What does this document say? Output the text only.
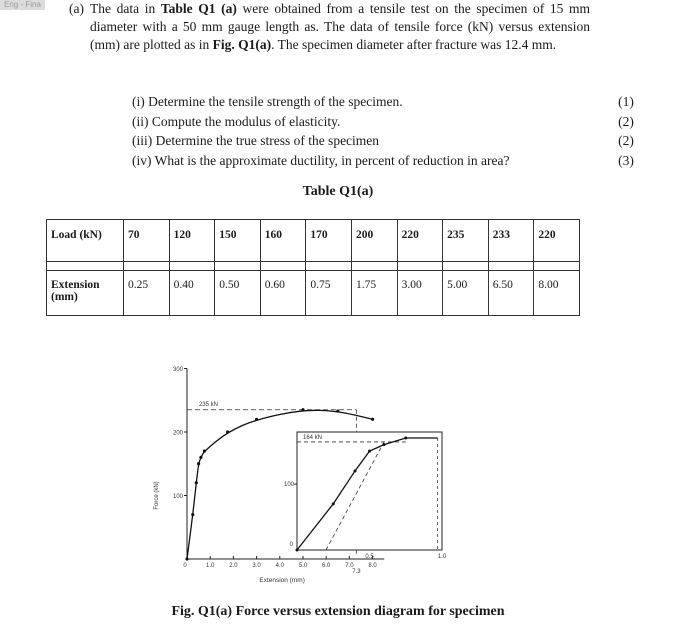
Eng - Fina (a) The data in Table Q1 (a) were obtained from a tensile test on the specimen of 15 mm diameter with a 50 mm gauge length as. The data of tensile force (kN) versus extension (mm) are plotted as in Fig. Q1(a). The specimen diameter after fracture was 12.4 mm.
(i) Determine the tensile strength of the specimen.	(1)
(ii) Compute the modulus of elasticity.	(2)
(iii) Determine the true stress of the specimen	(2)
(iv) What is the approximate ductility, in percent of reduction in area?	(3)
Table Q1(a)
Load (kN)	70	120	150	160	170	200	220	235	233	220

Extension (mm)	0.25	0.40	0.50	0.60	0.75	1.75	3.00	5.00	6.50	8.00
100
200
300
0	1.0 2.0 3.0 4.0 5.0 6.0 7.0 8.0
7.3
Extension (mm)
Force (kN)
235 kN
100
0
0.5	1.0
164 kN
Fig. Q1(a) Force versus extension diagram for specimen
